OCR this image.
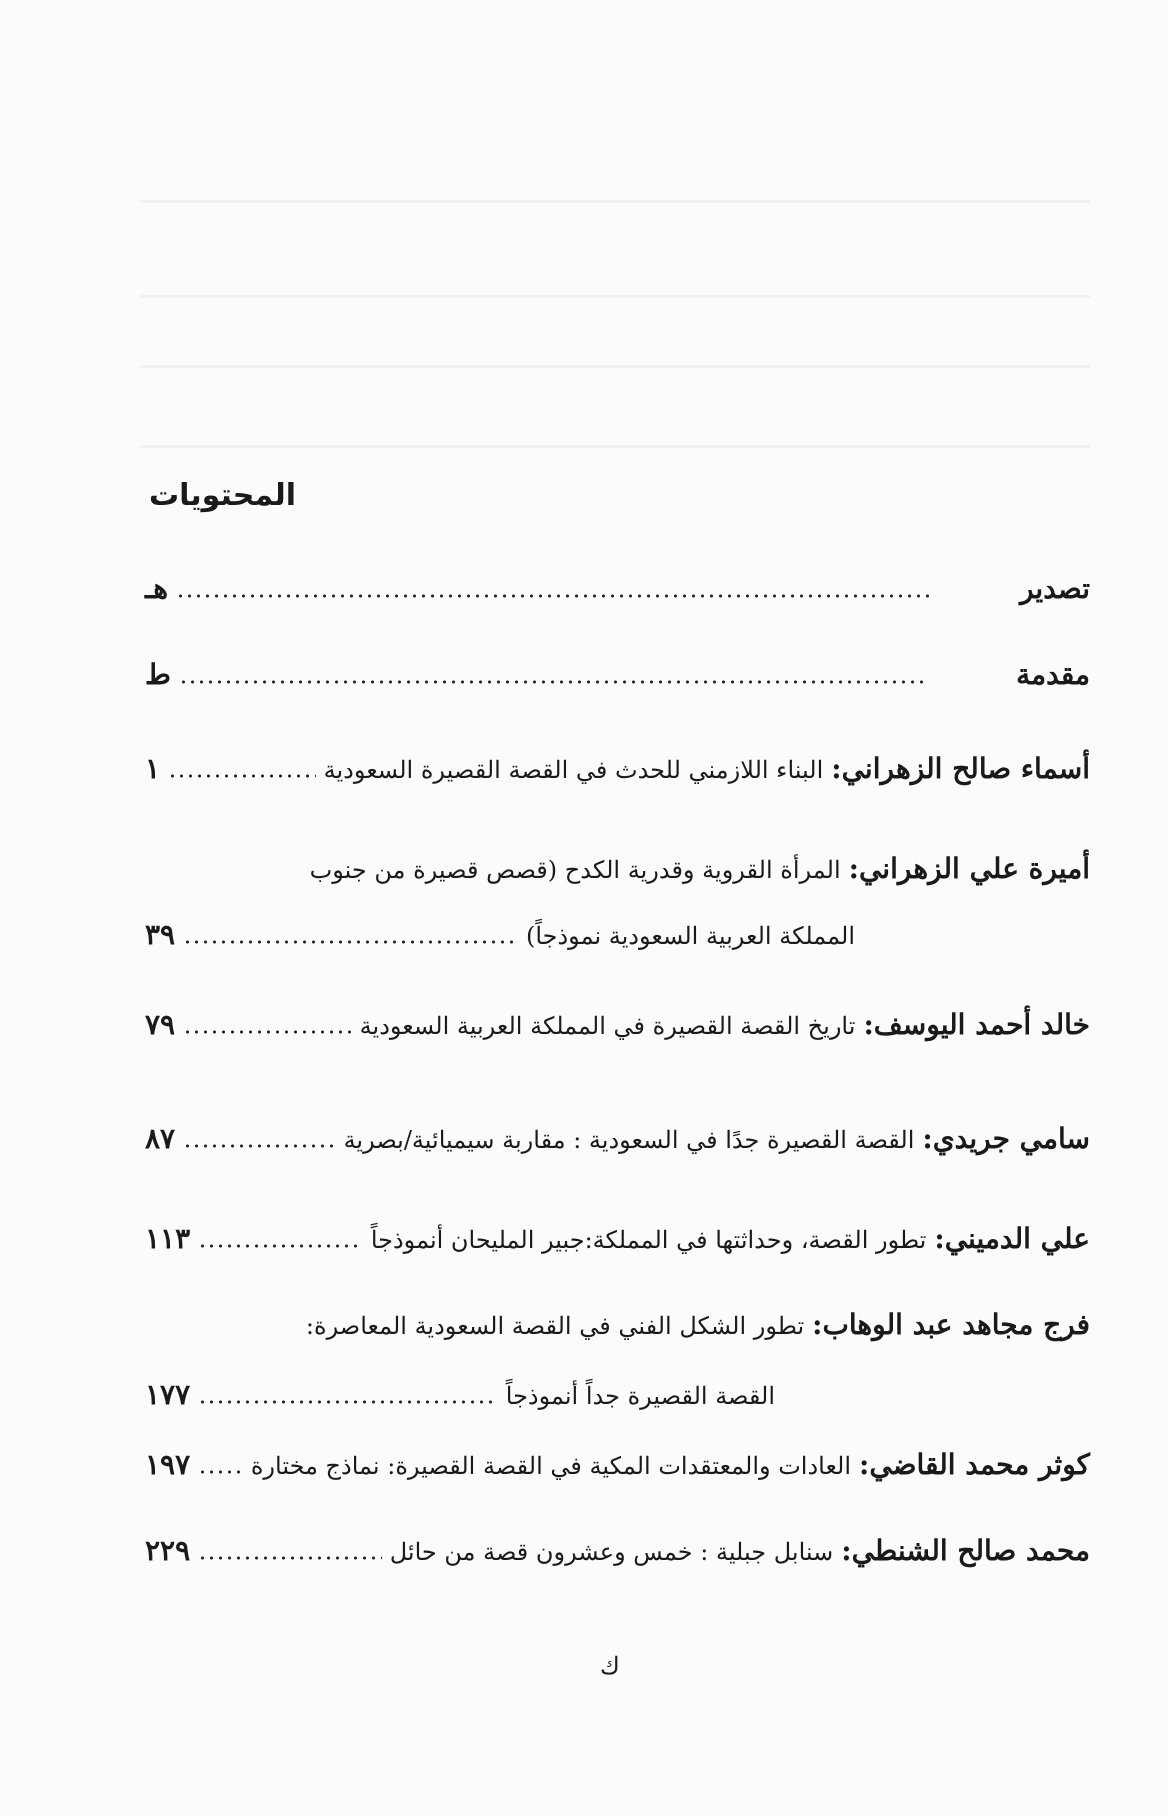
المحتويات
تصدير
هـ
مقدمة
ط
أسماء صالح الزهراني
:
البناء اللازمني للحدث في القصة القصيرة السعودية
١
أميرة علي الزهراني
:
المرأة القروية وقدرية الكدح (قصص قصيرة من جنوب
المملكة العربية السعودية نموذجاً)
٣٩
خالد أحمد اليوسف
:
تاريخ القصة القصيرة في المملكة العربية السعودية
٧٩
سامي جريدي
:
القصة القصيرة جدًا في السعودية : مقاربة سيميائية/بصرية
٨٧
علي الدميني
:
تطور القصة، وحداثتها في المملكة:جبير المليحان أنموذجاً
١١٣
فرج مجاهد عبد الوهاب
:
تطور الشكل الفني في القصة السعودية المعاصرة:
القصة القصيرة جداً أنموذجاً
١٧٧
كوثر محمد القاضي
:
العادات والمعتقدات المكية في القصة القصيرة: نماذج مختارة
١٩٧
محمد صالح الشنطي
:
سنابل جبلية : خمس وعشرون قصة من حائل
٢٢٩
ك
